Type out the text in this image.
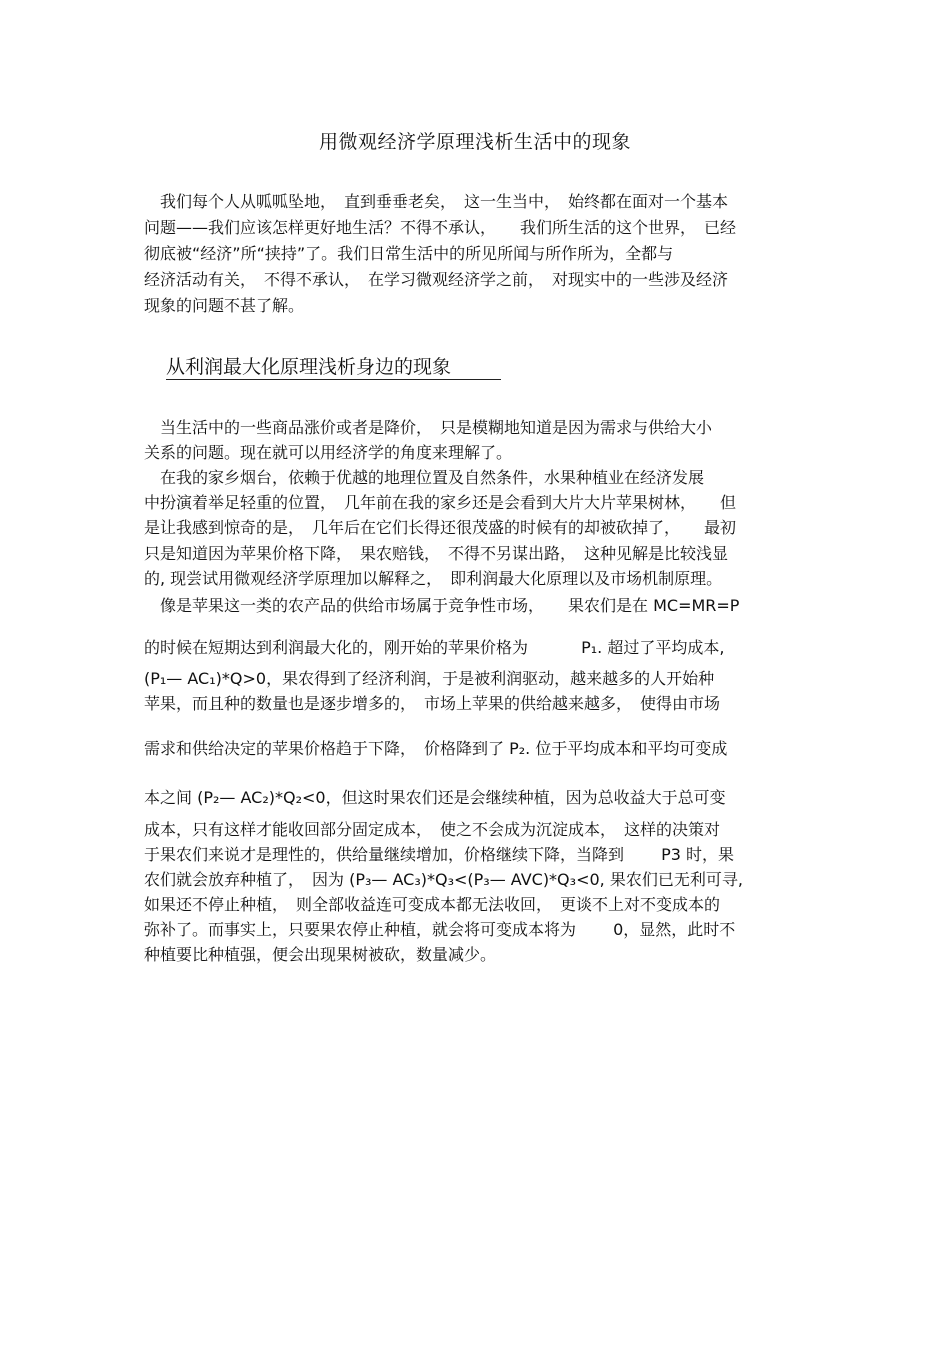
用微观经济学原理浅析生活中的现象
　我们每个人从呱呱坠地，　直到垂垂老矣，　这一生当中，　始终都在面对一个基本
问题——我们应该怎样更好地生活？不得不承认，　　我们所生活的这个世界，　已经
彻底被“经济”所“挟持”了。我们日常生活中的所见所闻与所作所为，全都与
经济活动有关，　不得不承认，　在学习微观经济学之前，　对现实中的一些涉及经济
现象的问题不甚了解。
从利润最大化原理浅析身边的现象
　当生活中的一些商品涨价或者是降价，　只是模糊地知道是因为需求与供给大小
关系的问题。现在就可以用经济学的角度来理解了。
　在我的家乡烟台，依赖于优越的地理位置及自然条件，水果种植业在经济发展
中扮演着举足轻重的位置，　几年前在我的家乡还是会看到大片大片苹果树林，　　但
是让我感到惊奇的是，　几年后在它们长得还很茂盛的时候有的却被砍掉了，　　最初
只是知道因为苹果价格下降，　果农赔钱，　不得不另谋出路，　这种见解是比较浅显
的, 现尝试用微观经济学原理加以解释之，　即利润最大化原理以及市场机制原理。
　像是苹果这一类的农产品的供给市场属于竞争性市场，　　果农们是在 MC=MR=P
的时候在短期达到利润最大化的，刚开始的苹果价格为　　　 P₁. 超过了平均成本,
(P₁— AC₁)*Q>0，果农得到了经济利润，于是被利润驱动，越来越多的人开始种
苹果，而且种的数量也是逐步增多的，　市场上苹果的供给越来越多，　使得由市场
需求和供给决定的苹果价格趋于下降，　价格降到了 P₂. 位于平均成本和平均可变成
本之间 (P₂— AC₂)*Q₂<0，但这时果农们还是会继续种植，因为总收益大于总可变
成本，只有这样才能收回部分固定成本，　使之不会成为沉淀成本，　这样的决策对
于果农们来说才是理性的，供给量继续增加，价格继续下降，当降到　　 P3 时，果
农们就会放弃种植了，　因为 (P₃— AC₃)*Q₃<(P₃— AVC)*Q₃<0, 果农们已无利可寻,
如果还不停止种植，　则全部收益连可变成本都无法收回，　更谈不上对不变成本的
弥补了。而事实上，只要果农停止种植，就会将可变成本将为　　 0，显然，此时不
种植要比种植强，便会出现果树被砍，数量减少。
